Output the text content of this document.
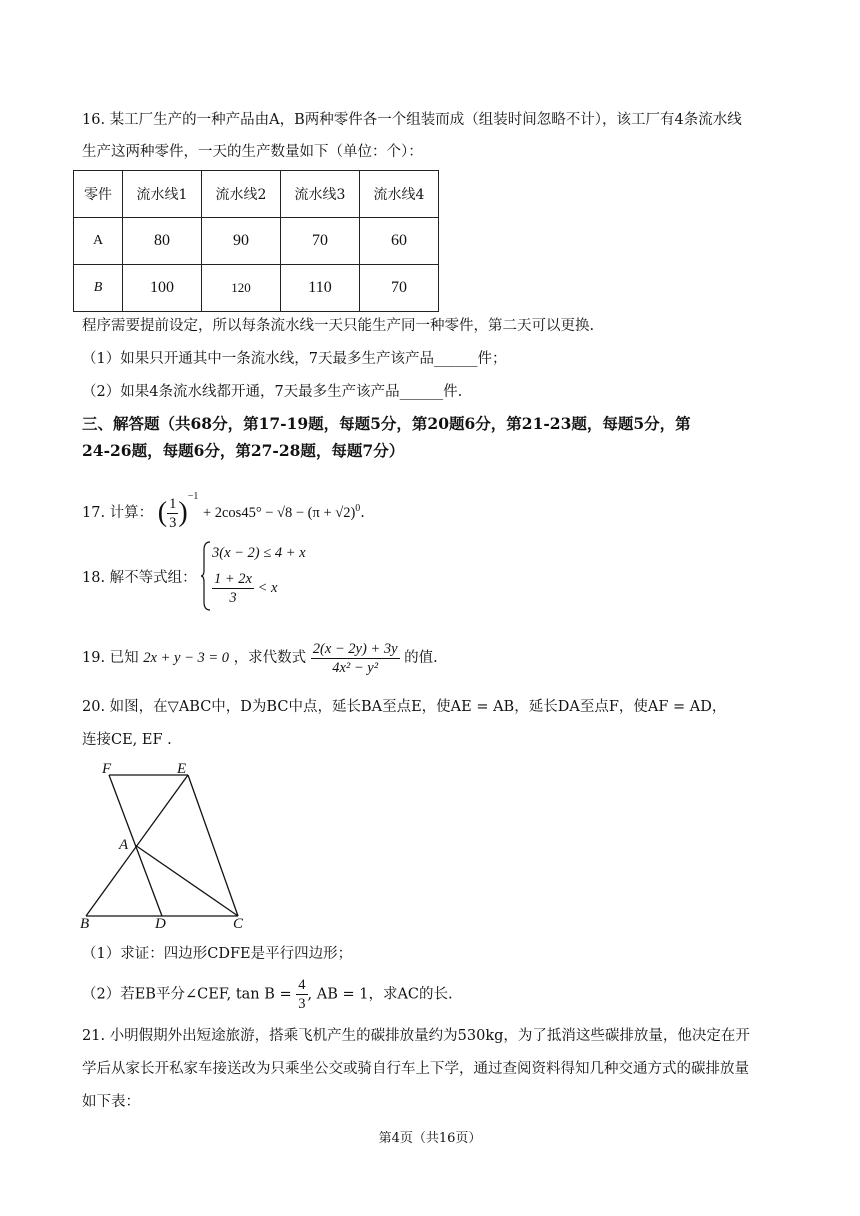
16. 某工厂生产的一种产品由A，B两种零件各一个组装而成（组装时间忽略不计），该工厂有4条流水线
生产这两种零件，一天的生产数量如下（单位：个）：
零件	流水线1	流水线2	流水线3	流水线4
A	80	90	70	60
B	100	120	110	70
程序需要提前设定，所以每条流水线一天只能生产同一种零件，第二天可以更换.
（1）如果只开通其中一条流水线，7天最多生产该产品______件；
（2）如果4条流水线都开通，7天最多生产该产品______件.
三、解答题（共68分，第17-19题，每题5分，第20题6分，第21-23题，每题5分，第
24-26题，每题6分，第27-28题，每题7分）
17. 计算： ( $\frac{1}{3} )^{-1} + 2\cos 45^\circ - √8 - (\pi + √2)^0$.
18. 解不等式组：
3(x − 2) ≤ 4 + x
$\frac{1 + 2x}{3} < x$
19. 已知 2x + y − 3 = 0 ，求代数式 $\frac{2(x - 2y) + 3y}{\text{4x² − y²}}$ 的值.
20. 如图，在▽ABC中，D为BC中点，延长BA至点E，使AE = AB，延长DA至点F，使AF = AD，
连接CE, EF .
F	E
A
B	D	C
（1）求证：四边形CDFE是平行四边形；
（2）若EB平分∠CEF, $\tan B = \frac{4}{3}$ , AB = 1，求AC的长.
21. 小明假期外出短途旅游，搭乘飞机产生的碳排放量约为530kg，为了抵消这些碳排放量，他决定在开
学后从家长开私家车接送改为只乘坐公交或骑自行车上下学，通过查阅资料得知几种交通方式的碳排放量
如下表：
第4页（共16页）
